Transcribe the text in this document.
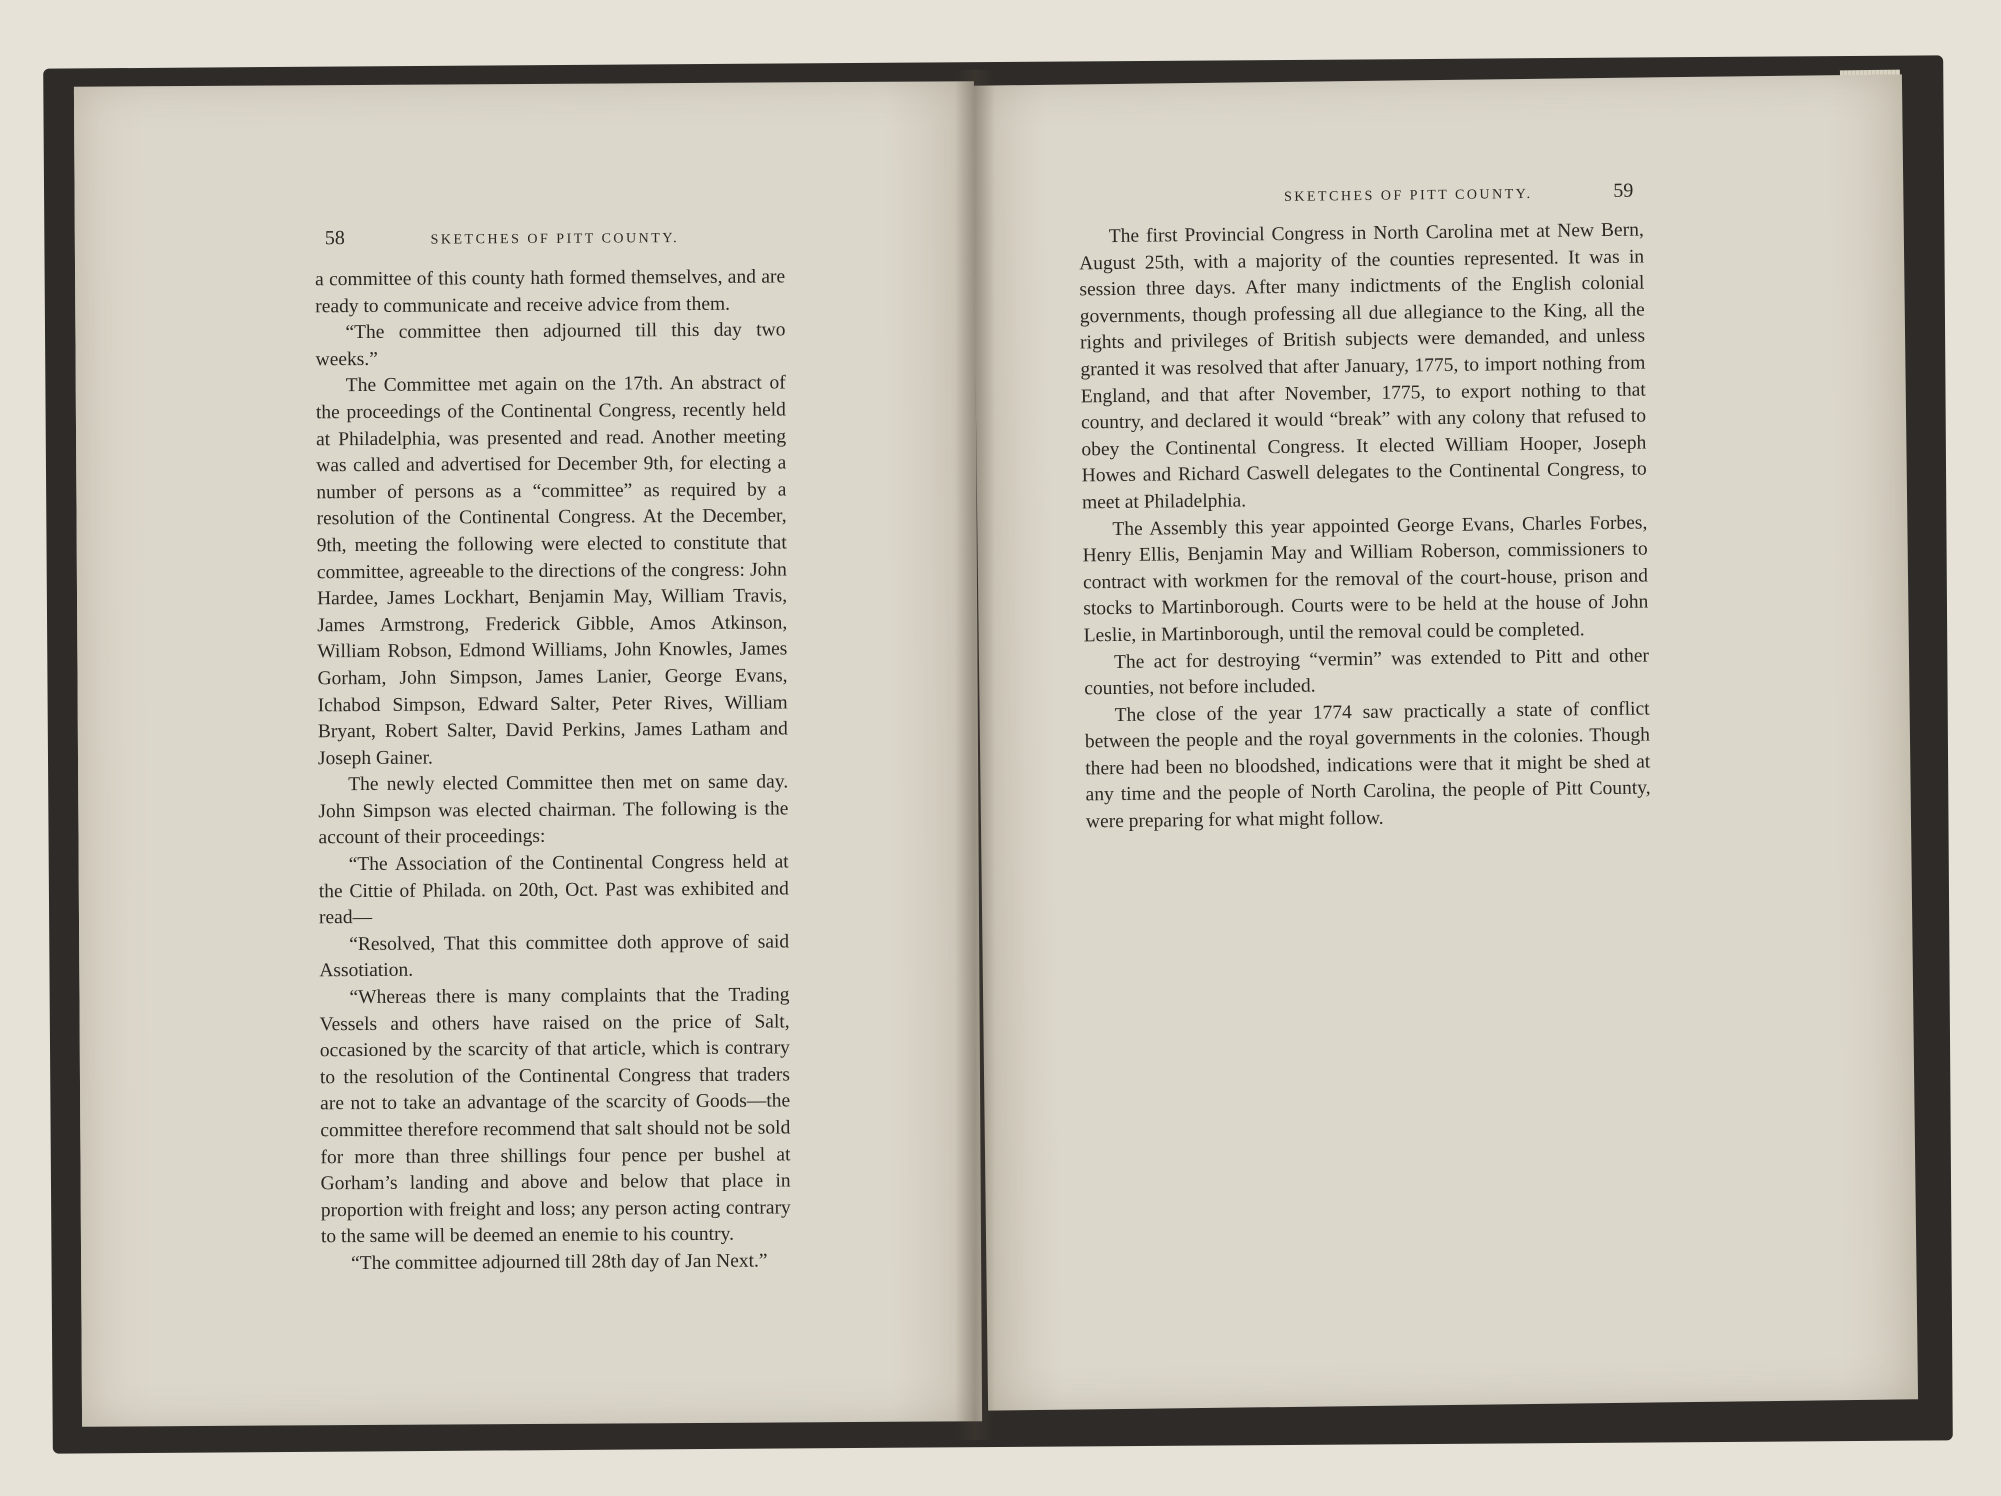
58	SKETCHES OF PITT COUNTY.

a committee of this county hath formed themselves, and are ready to communicate and receive advice from them.

“The committee then adjourned till this day two weeks.”

The Committee met again on the 17th. An abstract of the proceedings of the Continental Congress, recently held at Philadelphia, was presented and read. Another meeting was called and advertised for December 9th, for electing a number of persons as a “committee” as required by a resolution of the Continental Congress. At the December, 9th, meeting the following were elected to constitute that committee, agreeable to the directions of the congress: John Hardee, James Lockhart, Benjamin May, William Travis, James Armstrong, Frederick Gibble, Amos Atkinson, William Robson, Edmond Williams, John Knowles, James Gorham, John Simpson, James Lanier, George Evans, Ichabod Simpson, Edward Salter, Peter Rives, William Bryant, Robert Salter, David Perkins, James Latham and Joseph Gainer.

The newly elected Committee then met on same day. John Simpson was elected chairman. The following is the account of their proceedings:

“The Association of the Continental Congress held at the Cittie of Philada. on 20th, Oct. Past was exhibited and read—

“Resolved, That this committee doth approve of said Assotiation.

“Whereas there is many complaints that the Trading Vessels and others have raised on the price of Salt, occasioned by the scarcity of that article, which is contrary to the resolution of the Continental Congress that traders are not to take an advantage of the scarcity of Goods—the committee therefore recommend that salt should not be sold for more than three shillings four pence per bushel at Gorham’s landing and above and below that place in proportion with freight and loss; any person acting contrary to the same will be deemed an enemie to his country.

“The committee adjourned till 28th day of Jan Next.”

SKETCHES OF PITT COUNTY.	59

The first Provincial Congress in North Carolina met at New Bern, August 25th, with a majority of the counties represented. It was in session three days. After many indictments of the English colonial governments, though professing all due allegiance to the King, all the rights and privileges of British subjects were demanded, and unless granted it was resolved that after January, 1775, to import nothing from England, and that after November, 1775, to export nothing to that country, and declared it would “break” with any colony that refused to obey the Continental Congress. It elected William Hooper, Joseph Howes and Richard Caswell delegates to the Continental Congress, to meet at Philadelphia.

The Assembly this year appointed George Evans, Charles Forbes, Henry Ellis, Benjamin May and William Roberson, commissioners to contract with workmen for the removal of the court-house, prison and stocks to Martinborough. Courts were to be held at the house of John Leslie, in Martinborough, until the removal could be completed.

The act for destroying “vermin” was extended to Pitt and other counties, not before included.

The close of the year 1774 saw practically a state of conflict between the people and the royal governments in the colonies. Though there had been no bloodshed, indications were that it might be shed at any time and the people of North Carolina, the people of Pitt County, were preparing for what might follow.
